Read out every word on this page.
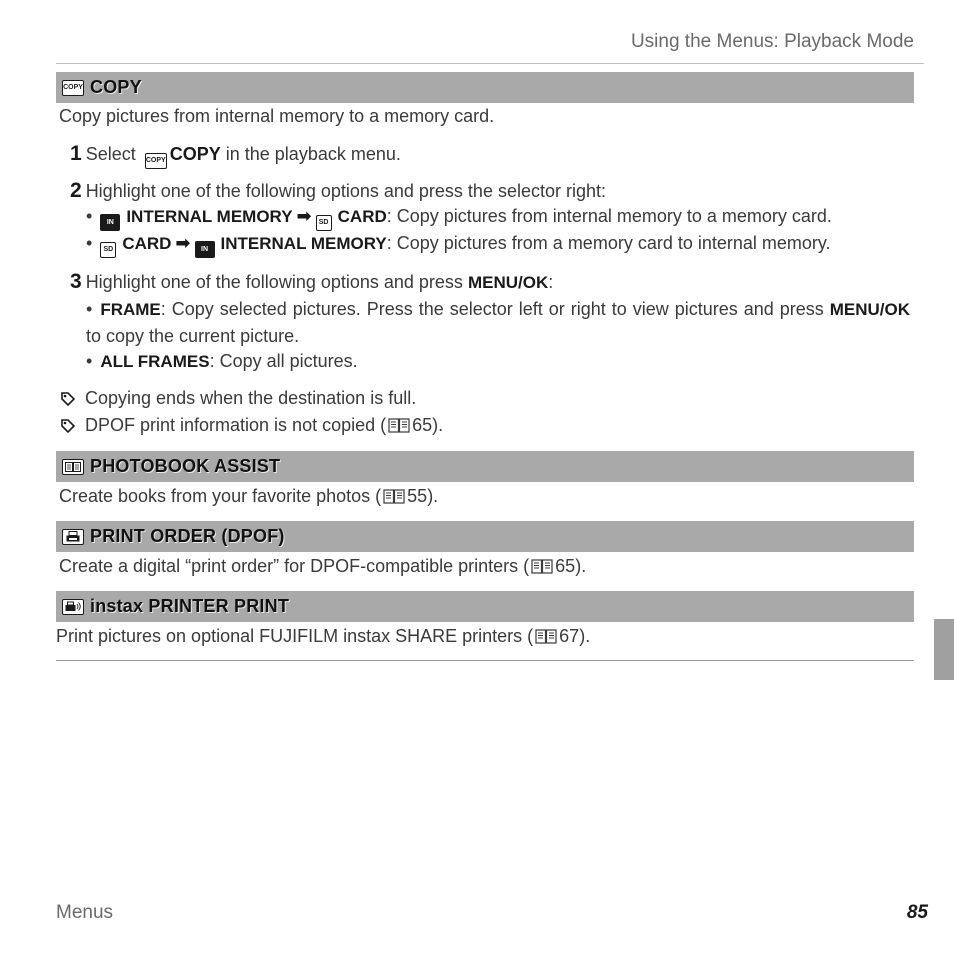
Using the Menus: Playback Mode
COPY COPY
Copy pictures from internal memory to a memory card.
1 Select COPY COPY in the playback menu.
2 Highlight one of the following options and press the selector right:
• IN INTERNAL MEMORY ➡ SD CARD: Copy pictures from internal memory to a memory card.
• SD CARD ➡ IN INTERNAL MEMORY: Copy pictures from a memory card to internal memory.
3 Highlight one of the following options and press MENU/OK:
• FRAME: Copy selected pictures. Press the selector left or right to view pictures and press MENU/OK to copy the current picture.
• ALL FRAMES: Copy all pictures.
Copying ends when the destination is full.
DPOF print information is not copied ( 65).
PHOTOBOOK ASSIST
Create books from your favorite photos ( 55).
PRINT ORDER (DPOF)
Create a digital “print order” for DPOF-compatible printers ( 65).
instax PRINTER PRINT
Print pictures on optional FUJIFILM instax SHARE printers ( 67).
Menus	85
